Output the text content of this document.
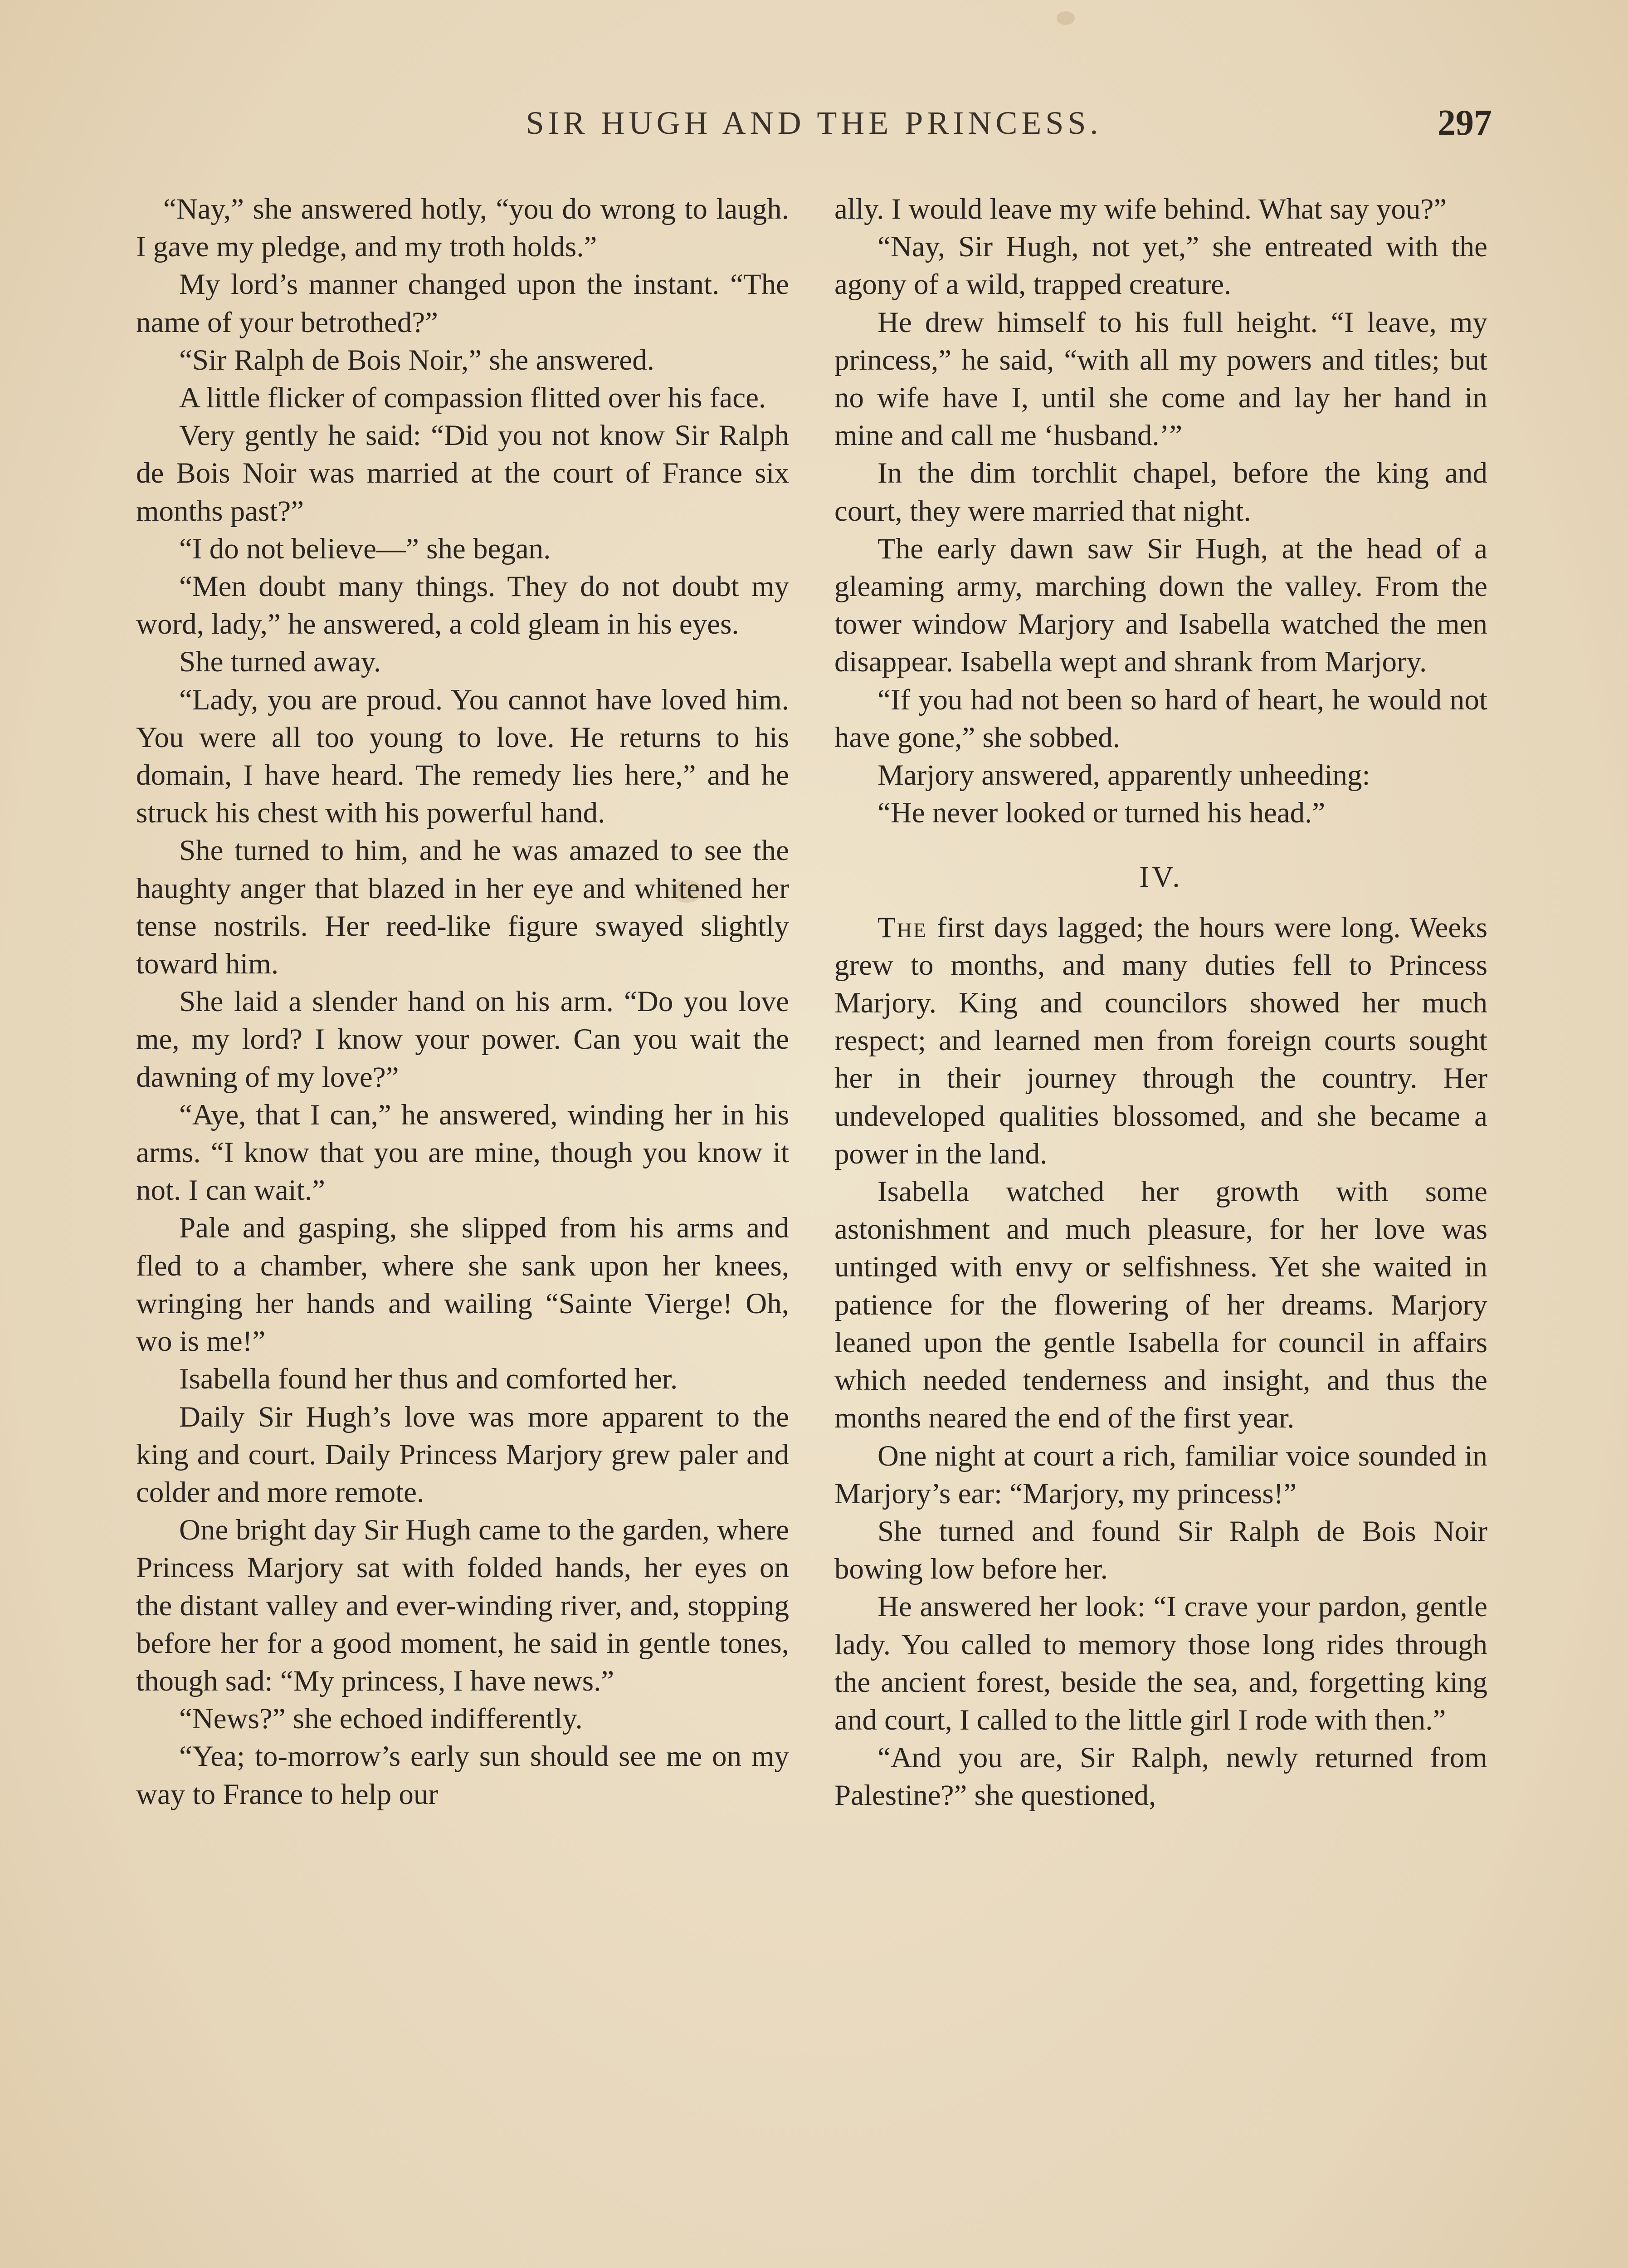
SIR HUGH AND THE PRINCESS.	297

“Nay,” she answered hotly, “you do wrong to laugh. I gave my pledge, and my troth holds.”

My lord’s manner changed upon the instant. “The name of your betrothed?”

“Sir Ralph de Bois Noir,” she answered.

A little flicker of compassion flitted over his face.

Very gently he said: “Did you not know Sir Ralph de Bois Noir was married at the court of France six months past?”

“I do not believe—” she began.

“Men doubt many things. They do not doubt my word, lady,” he answered, a cold gleam in his eyes.

She turned away.

“Lady, you are proud. You cannot have loved him. You were all too young to love. He returns to his domain, I have heard. The remedy lies here,” and he struck his chest with his powerful hand.

She turned to him, and he was amazed to see the haughty anger that blazed in her eye and whitened her tense nostrils. Her reed-like figure swayed slightly toward him.

She laid a slender hand on his arm. “Do you love me, my lord? I know your power. Can you wait the dawning of my love?”

“Aye, that I can,” he answered, winding her in his arms. “I know that you are mine, though you know it not. I can wait.”

Pale and gasping, she slipped from his arms and fled to a chamber, where she sank upon her knees, wringing her hands and wailing “Sainte Vierge! Oh, wo is me!”

Isabella found her thus and comforted her.

Daily Sir Hugh’s love was more apparent to the king and court. Daily Princess Marjory grew paler and colder and more remote.

One bright day Sir Hugh came to the garden, where Princess Marjory sat with folded hands, her eyes on the distant valley and ever-winding river, and, stopping before her for a good moment, he said in gentle tones, though sad: “My princess, I have news.”

“News?” she echoed indifferently.

“Yea; to-morrow’s early sun should see me on my way to France to help our

ally. I would leave my wife behind. What say you?”

“Nay, Sir Hugh, not yet,” she entreated with the agony of a wild, trapped creature.

He drew himself to his full height. “I leave, my princess,” he said, “with all my powers and titles; but no wife have I, until she come and lay her hand in mine and call me ‘husband.’”

In the dim torchlit chapel, before the king and court, they were married that night.

The early dawn saw Sir Hugh, at the head of a gleaming army, marching down the valley. From the tower window Marjory and Isabella watched the men disappear. Isabella wept and shrank from Marjory.

“If you had not been so hard of heart, he would not have gone,” she sobbed.

Marjory answered, apparently unheeding:

“He never looked or turned his head.”

IV.

The first days lagged; the hours were long. Weeks grew to months, and many duties fell to Princess Marjory. King and councilors showed her much respect; and learned men from foreign courts sought her in their journey through the country. Her undeveloped qualities blossomed, and she became a power in the land.

Isabella watched her growth with some astonishment and much pleasure, for her love was untinged with envy or selfishness. Yet she waited in patience for the flowering of her dreams. Marjory leaned upon the gentle Isabella for council in affairs which needed tenderness and insight, and thus the months neared the end of the first year.

One night at court a rich, familiar voice sounded in Marjory’s ear: “Marjory, my princess!”

She turned and found Sir Ralph de Bois Noir bowing low before her.

He answered her look: “I crave your pardon, gentle lady. You called to memory those long rides through the ancient forest, beside the sea, and, forgetting king and court, I called to the little girl I rode with then.”

“And you are, Sir Ralph, newly returned from Palestine?” she questioned,
